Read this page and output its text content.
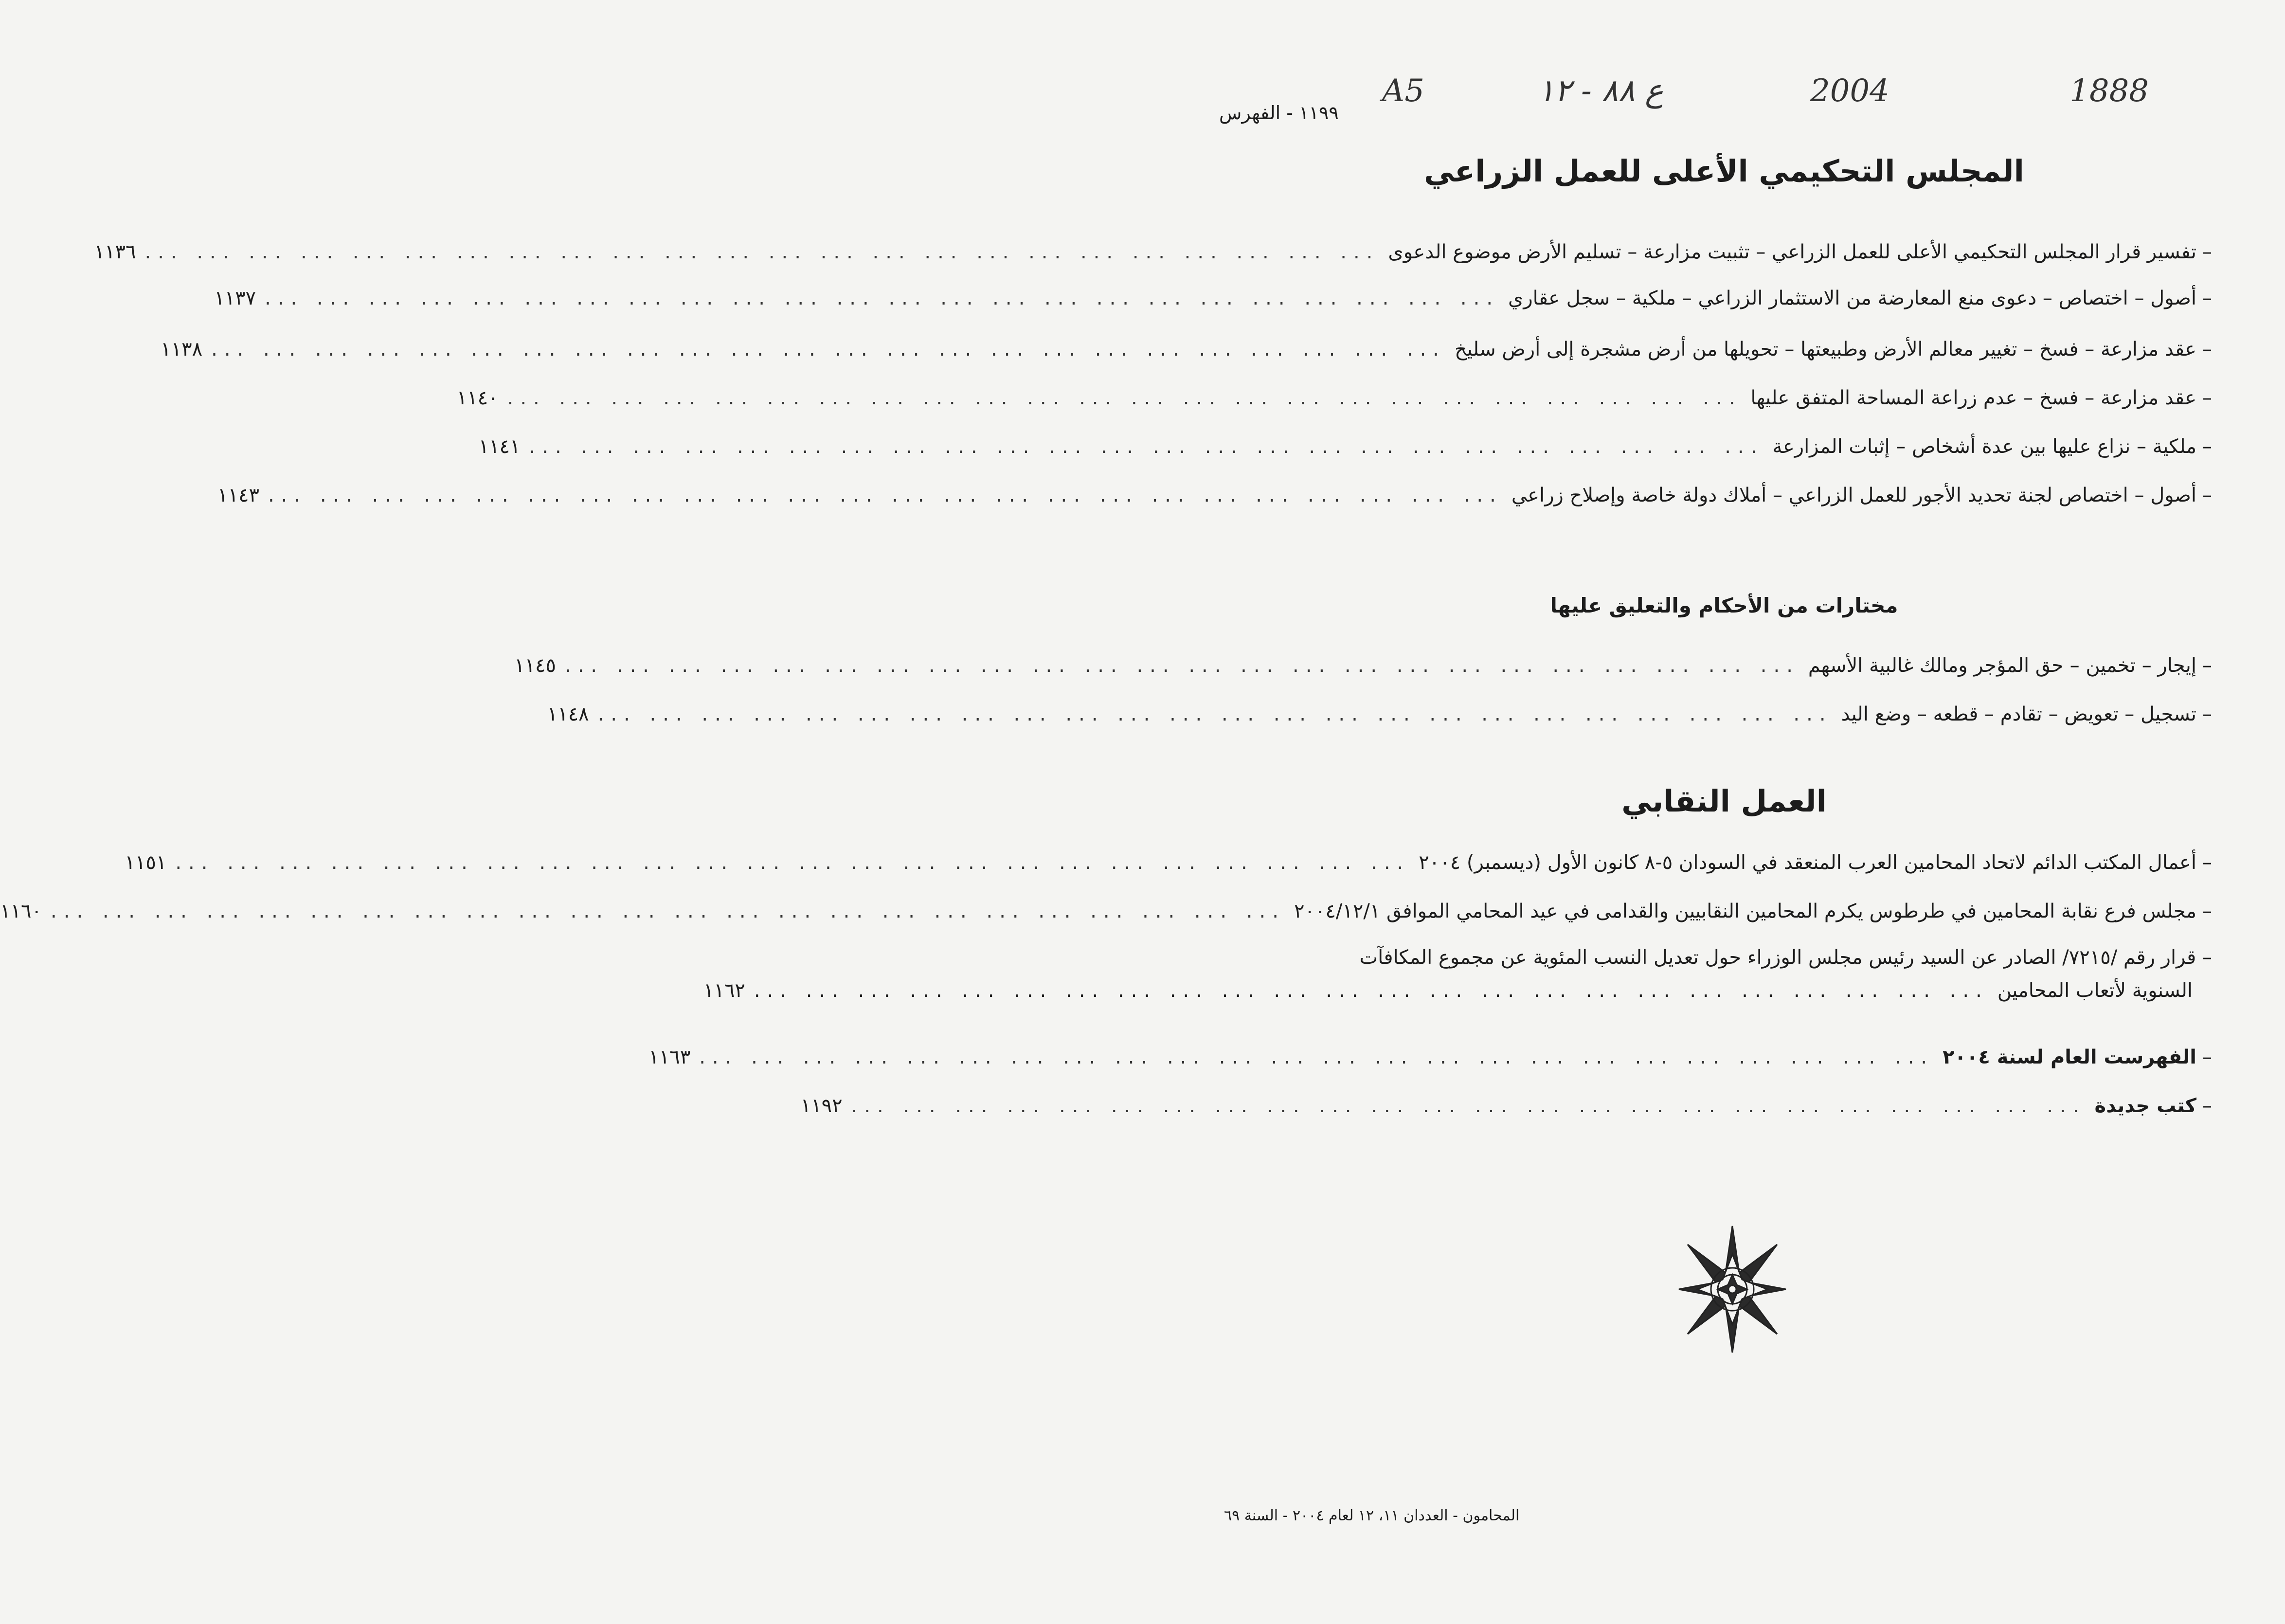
1888
2004
ع ٨٨ - ١٢
A5
١١٩٩ - الفهرس
المجلس التحكيمي الأعلى للعمل الزراعي
–
تفسير قرار المجلس التحكيمي الأعلى للعمل الزراعي – تثبيت مزارعة – تسليم الأرض موضوع الدعوى
... ... ... ... ... ... ... ... ... ... ... ... ... ... ... ... ... ... ... ... ... ... ... ...
١١٣٦
–
أصول – اختصاص – دعوى منع المعارضة من الاستثمار الزراعي – ملكية – سجل عقاري
... ... ... ... ... ... ... ... ... ... ... ... ... ... ... ... ... ... ... ... ... ... ... ...
١١٣٧
–
عقد مزارعة – فسخ – تغيير معالم الأرض وطبيعتها – تحويلها من أرض مشجرة إلى أرض سليخ
... ... ... ... ... ... ... ... ... ... ... ... ... ... ... ... ... ... ... ... ... ... ... ...
١١٣٨
–
عقد مزارعة – فسخ – عدم زراعة المساحة المتفق عليها
... ... ... ... ... ... ... ... ... ... ... ... ... ... ... ... ... ... ... ... ... ... ... ...
١١٤٠
–
ملكية – نزاع عليها بين عدة أشخاص – إثبات المزارعة
... ... ... ... ... ... ... ... ... ... ... ... ... ... ... ... ... ... ... ... ... ... ... ...
١١٤١
–
أصول – اختصاص لجنة تحديد الأجور للعمل الزراعي – أملاك دولة خاصة وإصلاح زراعي
... ... ... ... ... ... ... ... ... ... ... ... ... ... ... ... ... ... ... ... ... ... ... ...
١١٤٣
مختارات من الأحكام والتعليق عليها
–
إيجار – تخمين – حق المؤجر ومالك غالبية الأسهم
... ... ... ... ... ... ... ... ... ... ... ... ... ... ... ... ... ... ... ... ... ... ... ...
١١٤٥
–
تسجيل – تعويض – تقادم – قطعه – وضع اليد
... ... ... ... ... ... ... ... ... ... ... ... ... ... ... ... ... ... ... ... ... ... ... ...
١١٤٨
العمل النقابي
–
أعمال المكتب الدائم لاتحاد المحامين العرب المنعقد في السودان ٥-٨ كانون الأول (ديسمبر) ٢٠٠٤
... ... ... ... ... ... ... ... ... ... ... ... ... ... ... ... ... ... ... ... ... ... ... ...
١١٥١
–
مجلس فرع نقابة المحامين في طرطوس يكرم المحامين النقابيين والقدامى في عيد المحامي الموافق ٢٠٠٤/١٢/١
... ... ... ... ... ... ... ... ... ... ... ... ... ... ... ... ... ... ... ... ... ... ... ...
١١٦٠
– قرار رقم /٧٢١٥/ الصادر عن السيد رئيس مجلس الوزراء حول تعديل النسب المئوية عن مجموع المكافآت
السنوية لأتعاب المحامين
... ... ... ... ... ... ... ... ... ... ... ... ... ... ... ... ... ... ... ... ... ... ... ...
١١٦٢
–
الفهرست العام لسنة ٢٠٠٤
... ... ... ... ... ... ... ... ... ... ... ... ... ... ... ... ... ... ... ... ... ... ... ...
١١٦٣
–
كتب جديدة
... ... ... ... ... ... ... ... ... ... ... ... ... ... ... ... ... ... ... ... ... ... ... ...
١١٩٢
المحامون - العددان ١١، ١٢ لعام ٢٠٠٤ - السنة ٦٩
